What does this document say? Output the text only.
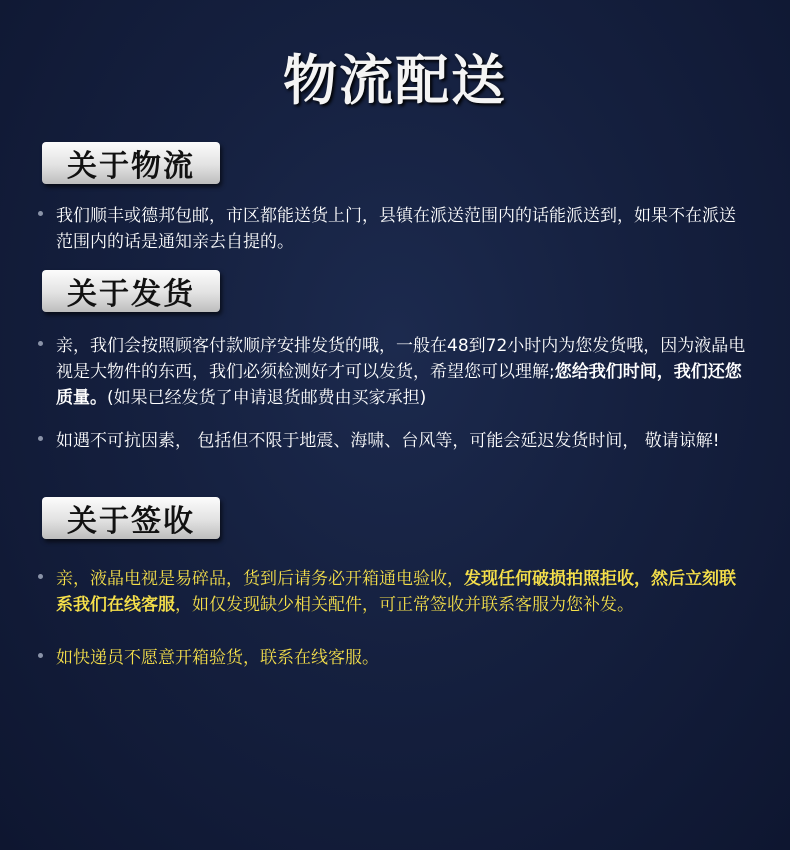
物流配送
关于物流
我们顺丰或德邦包邮，市区都能送货上门，县镇在派送范围内的话能派送到，如果不在派送范围内的话是通知亲去自提的。
关于发货
亲，我们会按照顾客付款顺序安排发货的哦，一般在48到72小时内为您发货哦，因为液晶电视是大物件的东西，我们必须检测好才可以发货，希望您可以理解;您给我们时间，我们还您质量。(如果已经发货了申请退货邮费由买家承担)
如遇不可抗因素， 包括但不限于地震、海啸、台风等，可能会延迟发货时间， 敬请谅解!
关于签收
亲，液晶电视是易碎品，货到后请务必开箱通电验收，发现任何破损拍照拒收，然后立刻联系我们在线客服，如仅发现缺少相关配件，可正常签收并联系客服为您补发。
如快递员不愿意开箱验货，联系在线客服。
